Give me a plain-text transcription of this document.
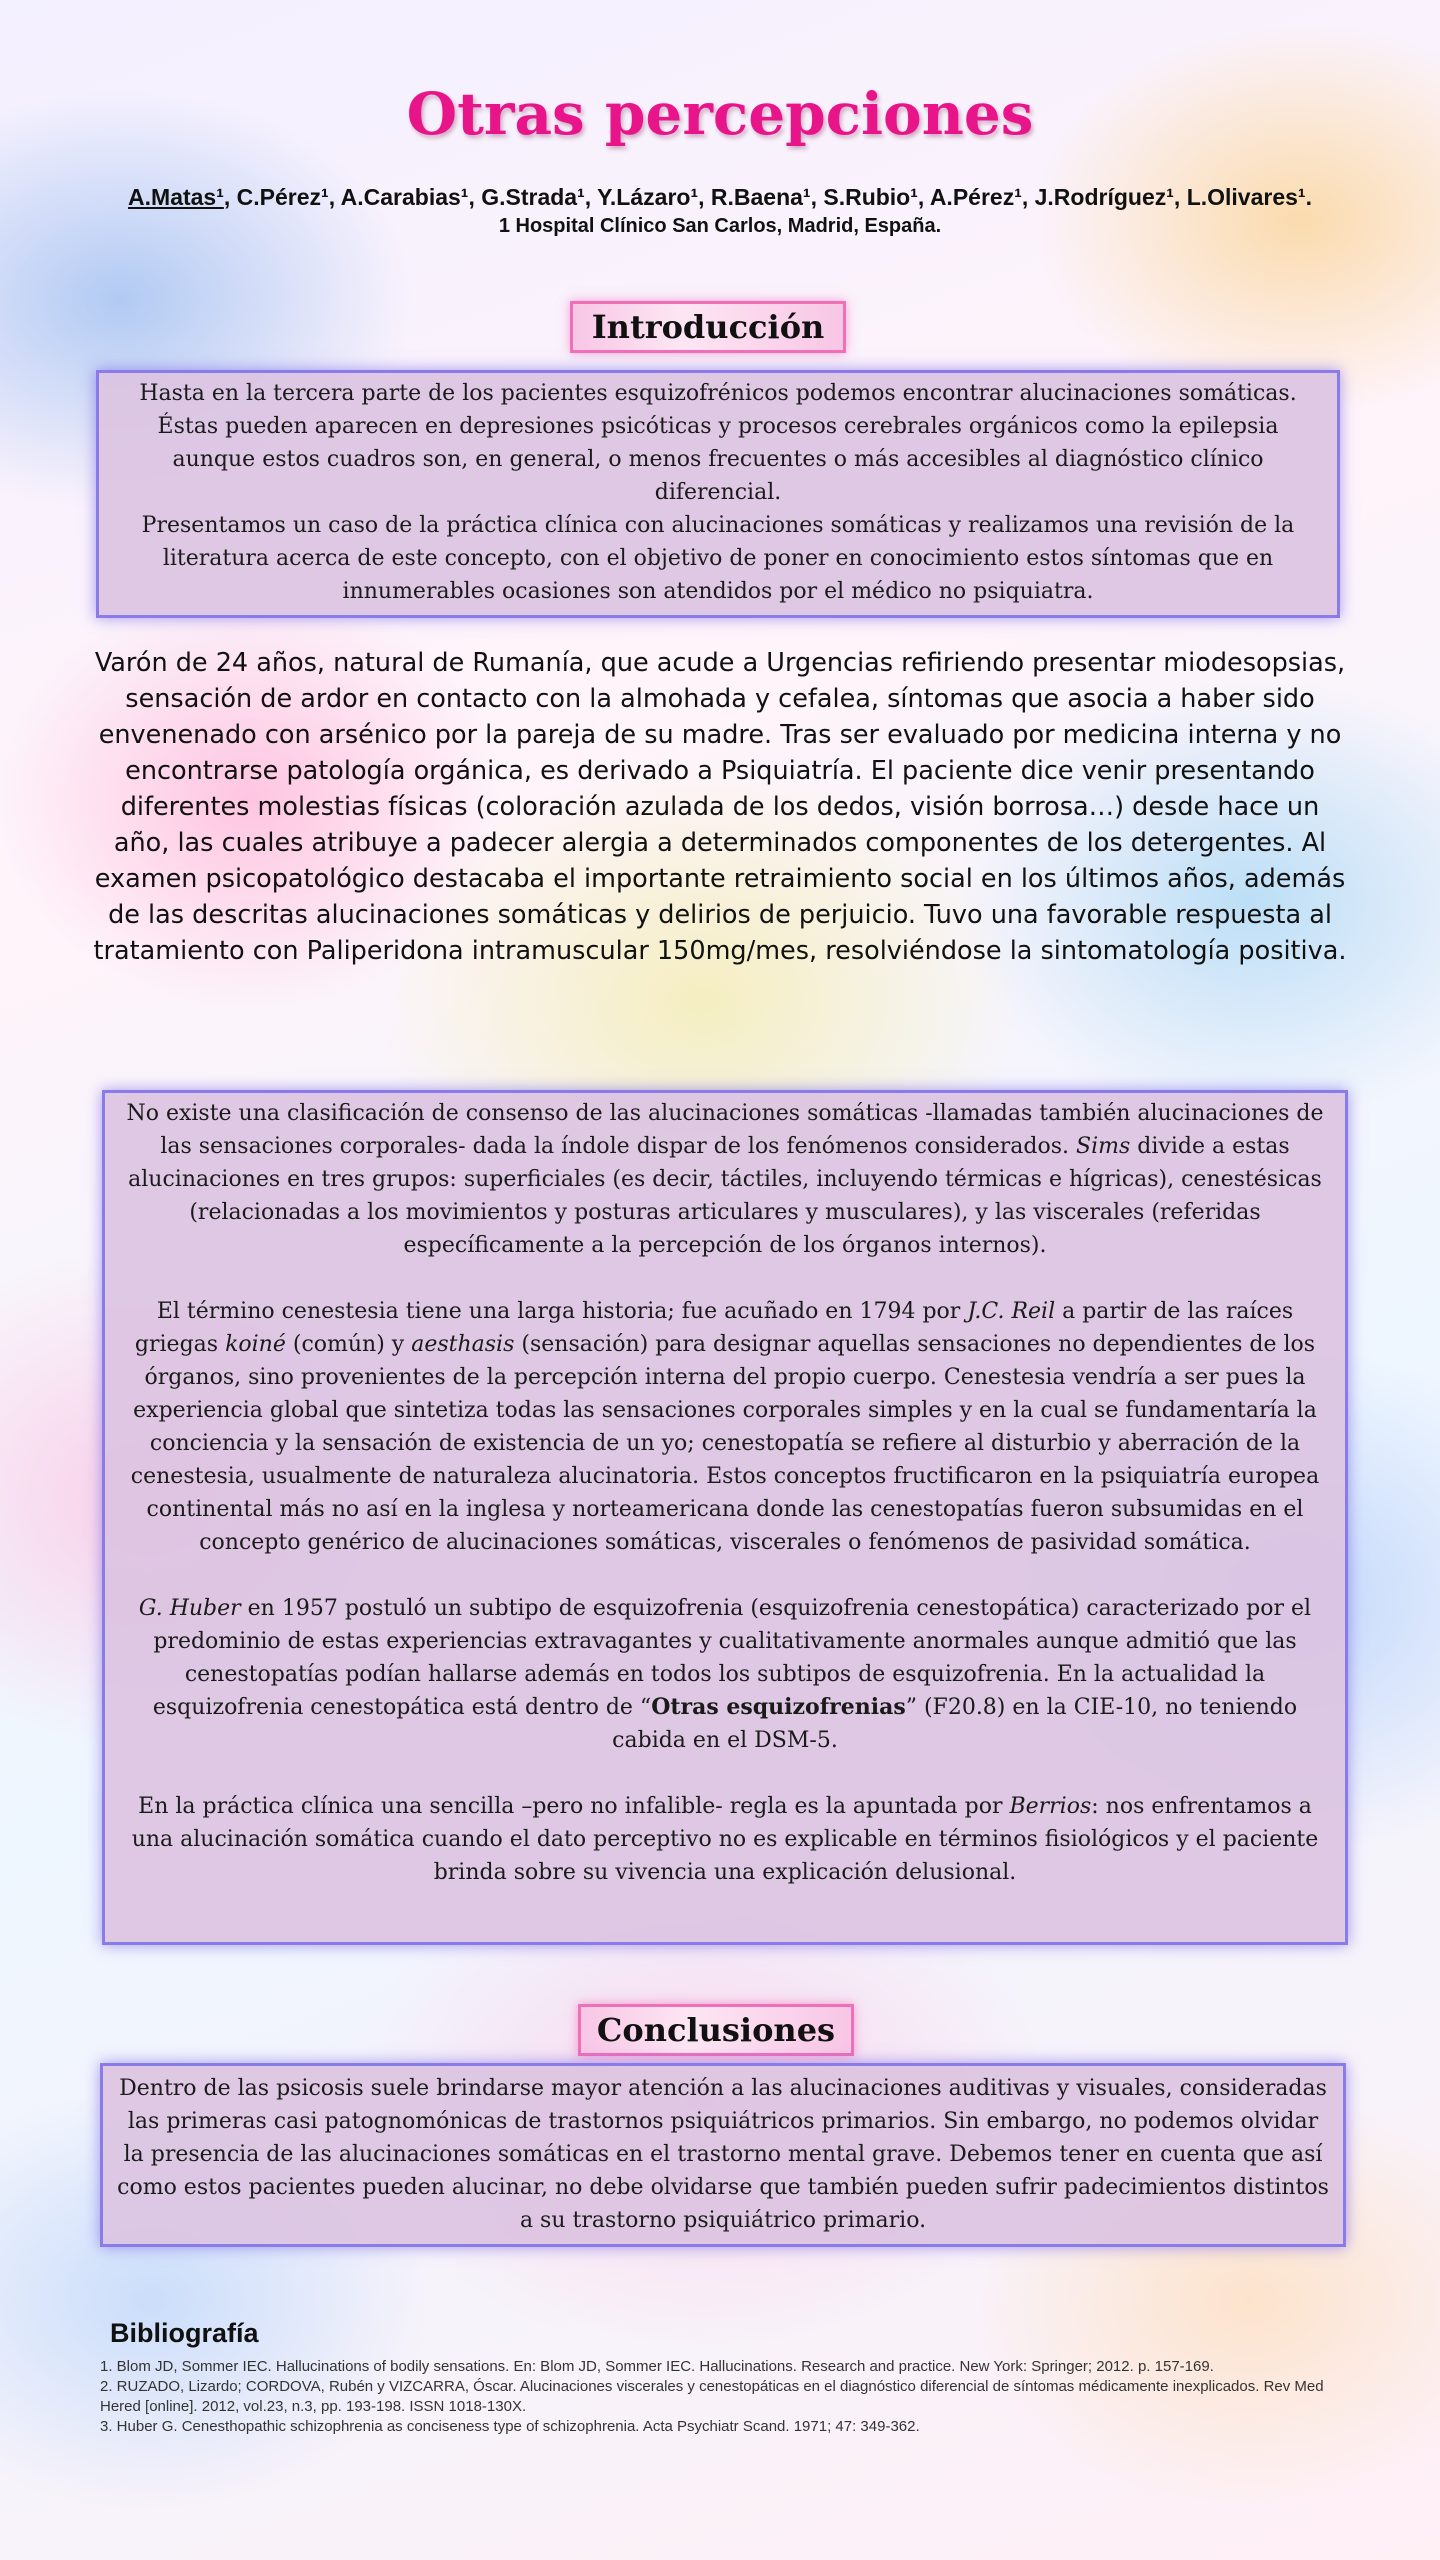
Otras percepciones
A.Matas¹, C.Pérez¹, A.Carabias¹, G.Strada¹, Y.Lázaro¹, R.Baena¹, S.Rubio¹, A.Pérez¹, J.Rodríguez¹, L.Olivares¹.
1 Hospital Clínico San Carlos, Madrid, España.
Introducción

Hasta en la tercera parte de los pacientes esquizofrénicos podemos encontrar alucinaciones somáticas. Éstas pueden aparecen en depresiones psicóticas y procesos cerebrales orgánicos como la epilepsia aunque estos cuadros son, en general, o menos frecuentes o más accesibles al diagnóstico clínico diferencial.

Presentamos un caso de la práctica clínica con alucinaciones somáticas y realizamos una revisión de la literatura acerca de este concepto, con el objetivo de poner en conocimiento estos síntomas que en innumerables ocasiones son atendidos por el médico no psiquiatra.

Varón de 24 años, natural de Rumanía, que acude a Urgencias refiriendo presentar miodesopsias, sensación de ardor en contacto con la almohada y cefalea, síntomas que asocia a haber sido envenenado con arsénico por la pareja de su madre. Tras ser evaluado por medicina interna y no encontrarse patología orgánica, es derivado a Psiquiatría. El paciente dice venir presentando diferentes molestias físicas (coloración azulada de los dedos, visión borrosa…) desde hace un año, las cuales atribuye a padecer alergia a determinados componentes de los detergentes. Al examen psicopatológico destacaba el importante retraimiento social en los últimos años, además de las descritas alucinaciones somáticas y delirios de perjuicio. Tuvo una favorable respuesta al tratamiento con Paliperidona intramuscular 150mg/mes, resolviéndose la sintomatología positiva.

No existe una clasificación de consenso de las alucinaciones somáticas -llamadas también alucinaciones de las sensaciones corporales- dada la índole dispar de los fenómenos considerados. Sims divide a estas alucinaciones en tres grupos: superficiales (es decir, táctiles, incluyendo térmicas e hígricas), cenestésicas (relacionadas a los movimientos y posturas articulares y musculares), y las viscerales (referidas específicamente a la percepción de los órganos internos).

El término cenestesia tiene una larga historia; fue acuñado en 1794 por J.C. Reil a partir de las raíces griegas koiné (común) y aesthasis (sensación) para designar aquellas sensaciones no dependientes de los órganos, sino provenientes de la percepción interna del propio cuerpo. Cenestesia vendría a ser pues la experiencia global que sintetiza todas las sensaciones corporales simples y en la cual se fundamentaría la conciencia y la sensación de existencia de un yo; cenestopatía se refiere al disturbio y aberración de la cenestesia, usualmente de naturaleza alucinatoria. Estos conceptos fructificaron en la psiquiatría europea continental más no así en la inglesa y norteamericana donde las cenestopatías fueron subsumidas en el concepto genérico de alucinaciones somáticas, viscerales o fenómenos de pasividad somática.

G. Huber en 1957 postuló un subtipo de esquizofrenia (esquizofrenia cenestopática) caracterizado por el predominio de estas experiencias extravagantes y cualitativamente anormales aunque admitió que las cenestopatías podían hallarse además en todos los subtipos de esquizofrenia. En la actualidad la esquizofrenia cenestopática está dentro de “Otras esquizofrenias” (F20.8) en la CIE-10, no teniendo cabida en el DSM-5.

En la práctica clínica una sencilla –pero no infalible- regla es la apuntada por Berrios: nos enfrentamos a una alucinación somática cuando el dato perceptivo no es explicable en términos fisiológicos y el paciente brinda sobre su vivencia una explicación delusional.

Conclusiones

Dentro de las psicosis suele brindarse mayor atención a las alucinaciones auditivas y visuales, consideradas las primeras casi patognomónicas de trastornos psiquiátricos primarios. Sin embargo, no podemos olvidar la presencia de las alucinaciones somáticas en el trastorno mental grave. Debemos tener en cuenta que así como estos pacientes pueden alucinar, no debe olvidarse que también pueden sufrir padecimientos distintos a su trastorno psiquiátrico primario.

Bibliografía
1. Blom JD, Sommer IEC. Hallucinations of bodily sensations. En: Blom JD, Sommer IEC. Hallucinations. Research and practice. New York: Springer; 2012. p. 157-169.
2. RUZADO, Lizardo; CORDOVA, Rubén y VIZCARRA, Óscar. Alucinaciones viscerales y cenestopáticas en el diagnóstico diferencial de síntomas médicamente inexplicados. Rev Med Hered [online]. 2012, vol.23, n.3, pp. 193-198. ISSN 1018-130X.
3. Huber G. Cenesthopathic schizophrenia as conciseness type of schizophrenia. Acta Psychiatr Scand. 1971; 47: 349-362.
